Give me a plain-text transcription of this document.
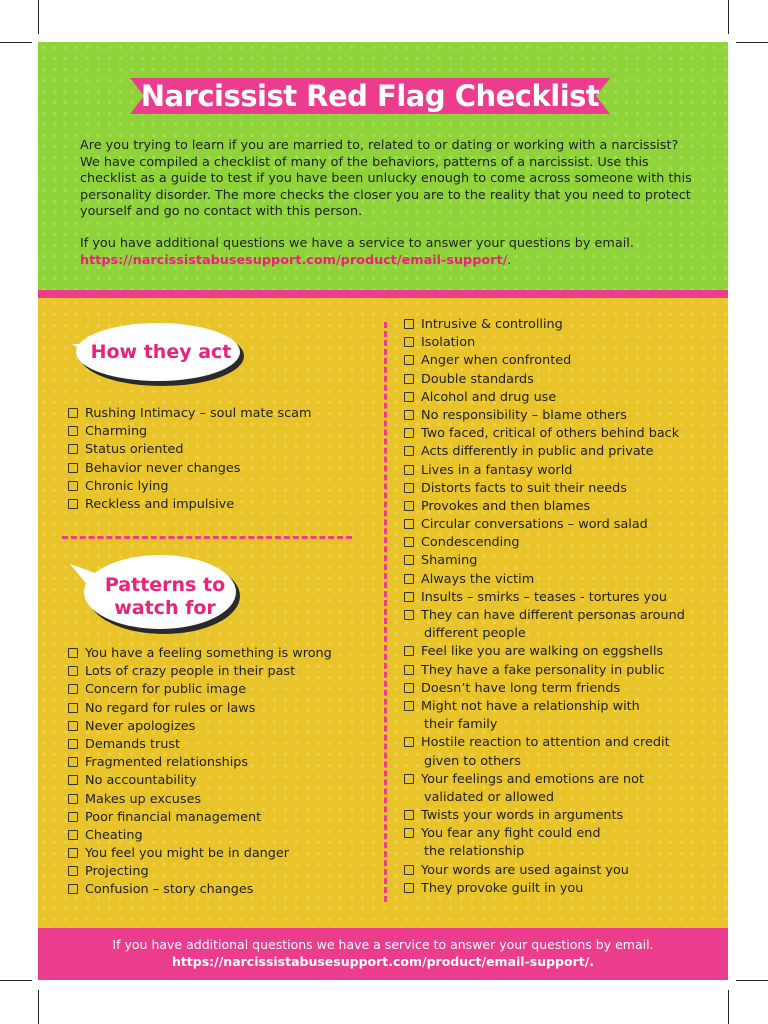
Narcissist Red Flag Checklist
Are you trying to learn if you are married to, related to or dating or working with a narcissist? We have compiled a checklist of many of the behaviors, patterns of a narcissist. Use this checklist as a guide to test if you have been unlucky enough to come across someone with this personality disorder. The more checks the closer you are to the reality that you need to protect yourself and go no contact with this person.
If you have additional questions we have a service to answer your questions by email.
https://narcissistabusesupport.com/product/email-support/.
How they act
Rushing Intimacy – soul mate scam
Charming
Status oriented
Behavior never changes
Chronic lying
Reckless and impulsive
Patterns to
watch for
You have a feeling something is wrong
Lots of crazy people in their past
Concern for public image
No regard for rules or laws
Never apologizes
Demands trust
Fragmented relationships
No accountability
Makes up excuses
Poor financial management
Cheating
You feel you might be in danger
Projecting
Confusion – story changes
Intrusive & controlling
Isolation
Anger when confronted
Double standards
Alcohol and drug use
No responsibility – blame others
Two faced, critical of others behind back
Acts differently in public and private
Lives in a fantasy world
Distorts facts to suit their needs
Provokes and then blames
Circular conversations – word salad
Condescending
Shaming
Always the victim
Insults – smirks – teases - tortures you
They can have different personas around
different people
Feel like you are walking on eggshells
They have a fake personality in public
Doesn’t have long term friends
Might not have a relationship with
their family
Hostile reaction to attention and credit
given to others
Your feelings and emotions are not
validated or allowed
Twists your words in arguments
You fear any fight could end
the relationship
Your words are used against you
They provoke guilt in you
If you have additional questions we have a service to answer your questions by email.
https://narcissistabusesupport.com/product/email-support/.
